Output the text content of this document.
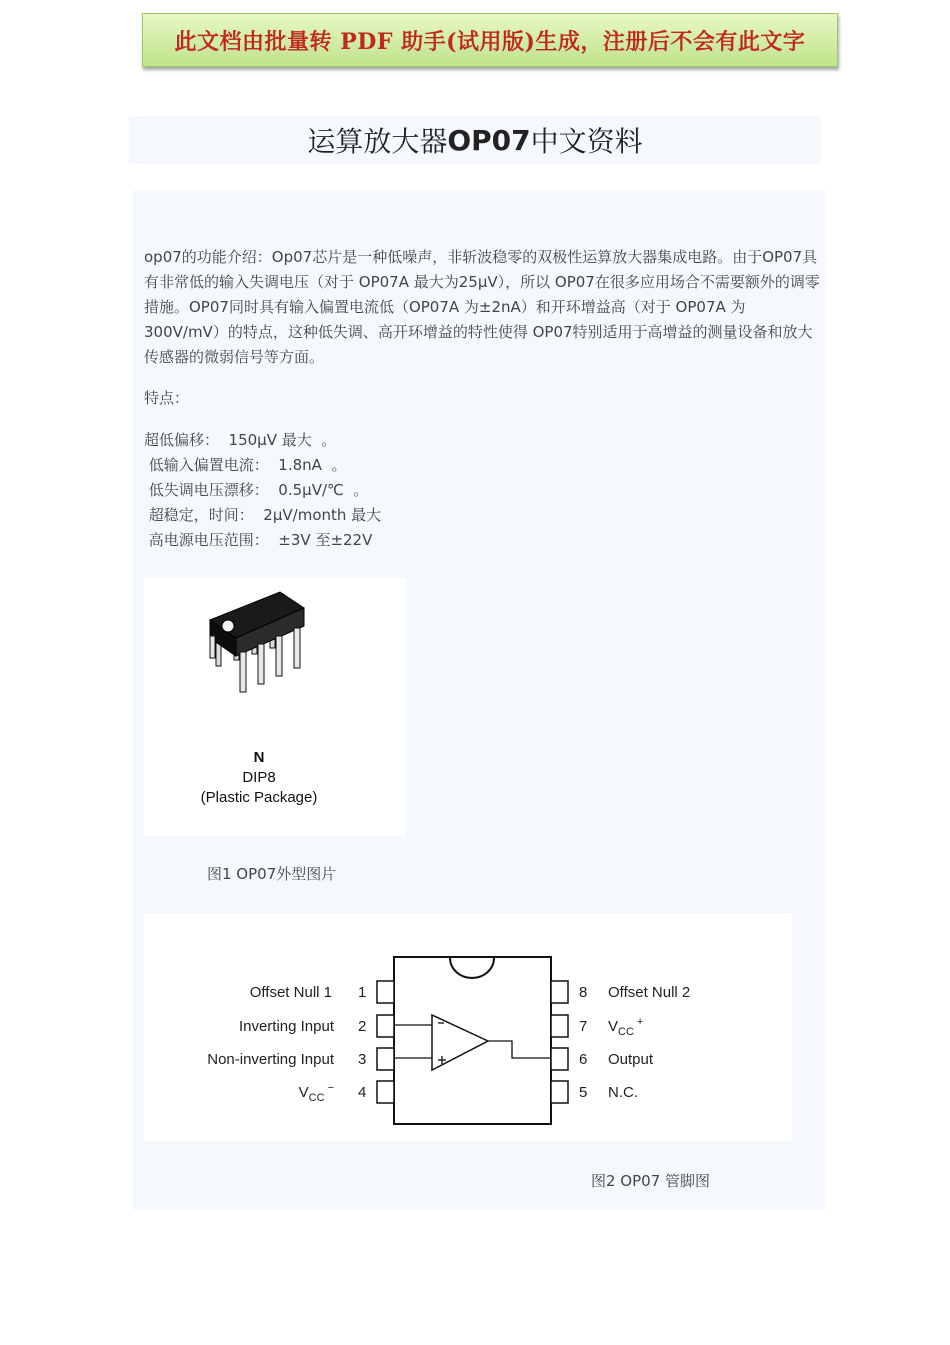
此文档由批量转 PDF 助手(试用版)生成，注册后不会有此文字
运算放大器 OP07 中文资料

op07的功能介绍：Op07芯片是一种低噪声，非斩波稳零的双极性运算放大器集成电路。由于OP07具有非常低的输入失调电压（对于 OP07A 最大为25μV），所以 OP07在很多应用场合不需要额外的调零措施。OP07同时具有输入偏置电流低（OP07A 为±2nA）和开环增益高（对于 OP07A 为300V/mV）的特点，这种低失调、高开环增益的特性使得 OP07特别适用于高增益的测量设备和放大传感器的微弱信号等方面。

特点：
超低偏移：  150μV 最大  。
低输入偏置电流：  1.8nA  。
低失调电压漂移：  0.5μV/℃  。
超稳定，时间：  2μV/month 最大
高电源电压范围：  ±3V 至±22V
N
DIP8
(Plastic Package)
图1 OP07外型图片
Offset Null 1
Inverting Input
Non-inverting Input
$V_{CC}^-$
1
2
3
4
8
7
6
5
Offset Null 2
$V_{CC}^+$
Output
N.C.
图2 OP07 管脚图
